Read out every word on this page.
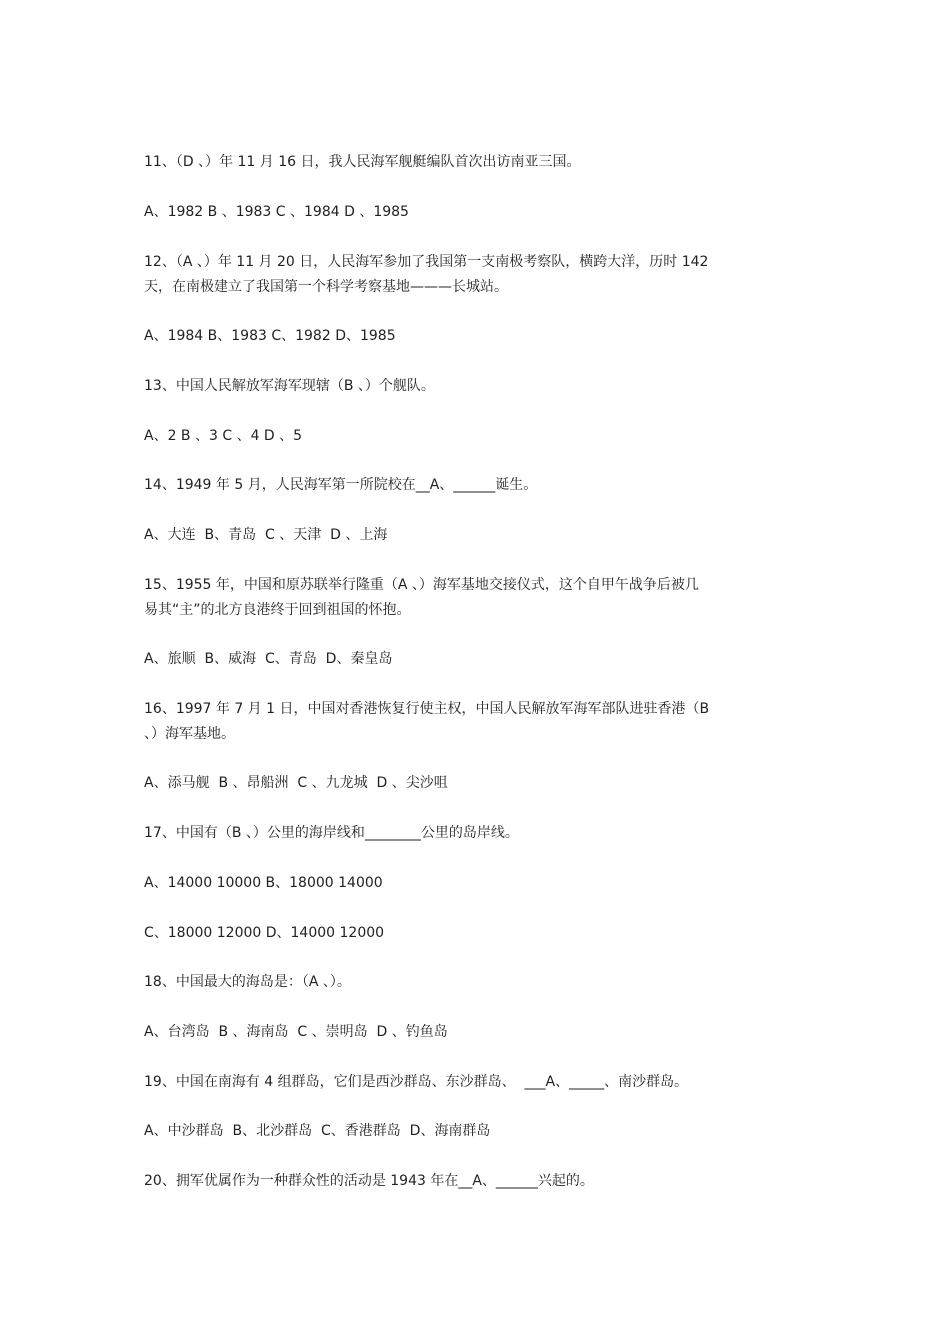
11、（D 、）年 11 月 16 日，我人民海军舰艇编队首次出访南亚三国。
A、1982 B 、1983 C 、1984 D 、1985
12、（A 、）年 11 月 20 日，人民海军参加了我国第一支南极考察队，横跨大洋，历时 142
天，在南极建立了我国第一个科学考察基地———长城站。
A、1984 B、1983 C、1982 D、1985
13、中国人民解放军海军现辖（B 、）个舰队。
A、2 B 、3 C 、4 D 、5
14、1949 年 5 月，人民海军第一所院校在__A、______诞生。
A、大连  B、青岛  C 、天津  D 、上海
15、1955 年，中国和原苏联举行隆重（A 、）海军基地交接仪式，这个自甲午战争后被几
易其“主”的北方良港终于回到祖国的怀抱。
A、旅顺  B、威海  C、青岛  D、秦皇岛
16、1997 年 7 月 1 日，中国对香港恢复行使主权，中国人民解放军海军部队进驻香港（B
、）海军基地。
A、添马舰  B 、昂船洲  C 、九龙城  D 、尖沙咀
17、中国有（B 、）公里的海岸线和________公里的岛岸线。
A、14000 10000 B、18000 14000
C、18000 12000 D、14000 12000
18、中国最大的海岛是：（A 、）。
A、台湾岛  B 、海南岛  C 、崇明岛  D 、钓鱼岛
19、中国在南海有 4 组群岛，它们是西沙群岛、东沙群岛、  ___A、_____、南沙群岛。
A、中沙群岛  B、北沙群岛  C、香港群岛  D、海南群岛
20、拥军优属作为一种群众性的活动是 1943 年在__A、______兴起的。
